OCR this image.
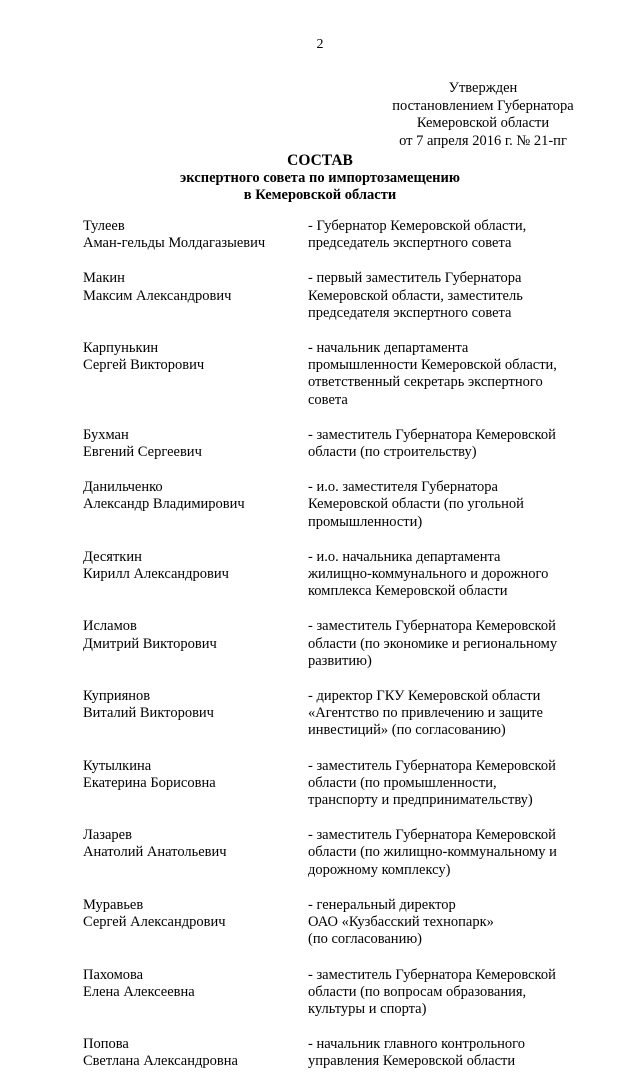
2
Утвержден
постановлением Губернатора
Кемеровской области
от 7 апреля 2016 г. № 21-пг
СОСТАВ
экспертного совета по импортозамещению
в Кемеровской области
Тулеев
Аман-гельды Молдагазыевич
- Губернатор Кемеровской области,
председатель экспертного совета
Макин
Максим Александрович
- первый заместитель Губернатора
Кемеровской области, заместитель
председателя экспертного совета
Карпунькин
Сергей Викторович
- начальник департамента
промышленности Кемеровской области,
ответственный секретарь экспертного
совета
Бухман
Евгений Сергеевич
- заместитель Губернатора Кемеровской
области (по строительству)
Данильченко
Александр Владимирович
- и.о. заместителя Губернатора
Кемеровской области (по угольной
промышленности)
Десяткин
Кирилл Александрович
- и.о. начальника департамента
жилищно-коммунального и дорожного
комплекса Кемеровской области
Исламов
Дмитрий Викторович
- заместитель Губернатора Кемеровской
области (по экономике и региональному
развитию)
Куприянов
Виталий Викторович
- директор ГКУ Кемеровской области
«Агентство по привлечению и защите
инвестиций» (по согласованию)
Кутылкина
Екатерина Борисовна
- заместитель Губернатора Кемеровской
области (по промышленности,
транспорту и предпринимательству)
Лазарев
Анатолий Анатольевич
- заместитель Губернатора Кемеровской
области (по жилищно-коммунальному и
дорожному комплексу)
Муравьев
Сергей Александрович
- генеральный директор
ОАО «Кузбасский технопарк»
(по согласованию)
Пахомова
Елена Алексеевна
- заместитель Губернатора Кемеровской
области (по вопросам образования,
культуры и спорта)
Попова
Светлана Александровна
- начальник главного контрольного
управления Кемеровской области
